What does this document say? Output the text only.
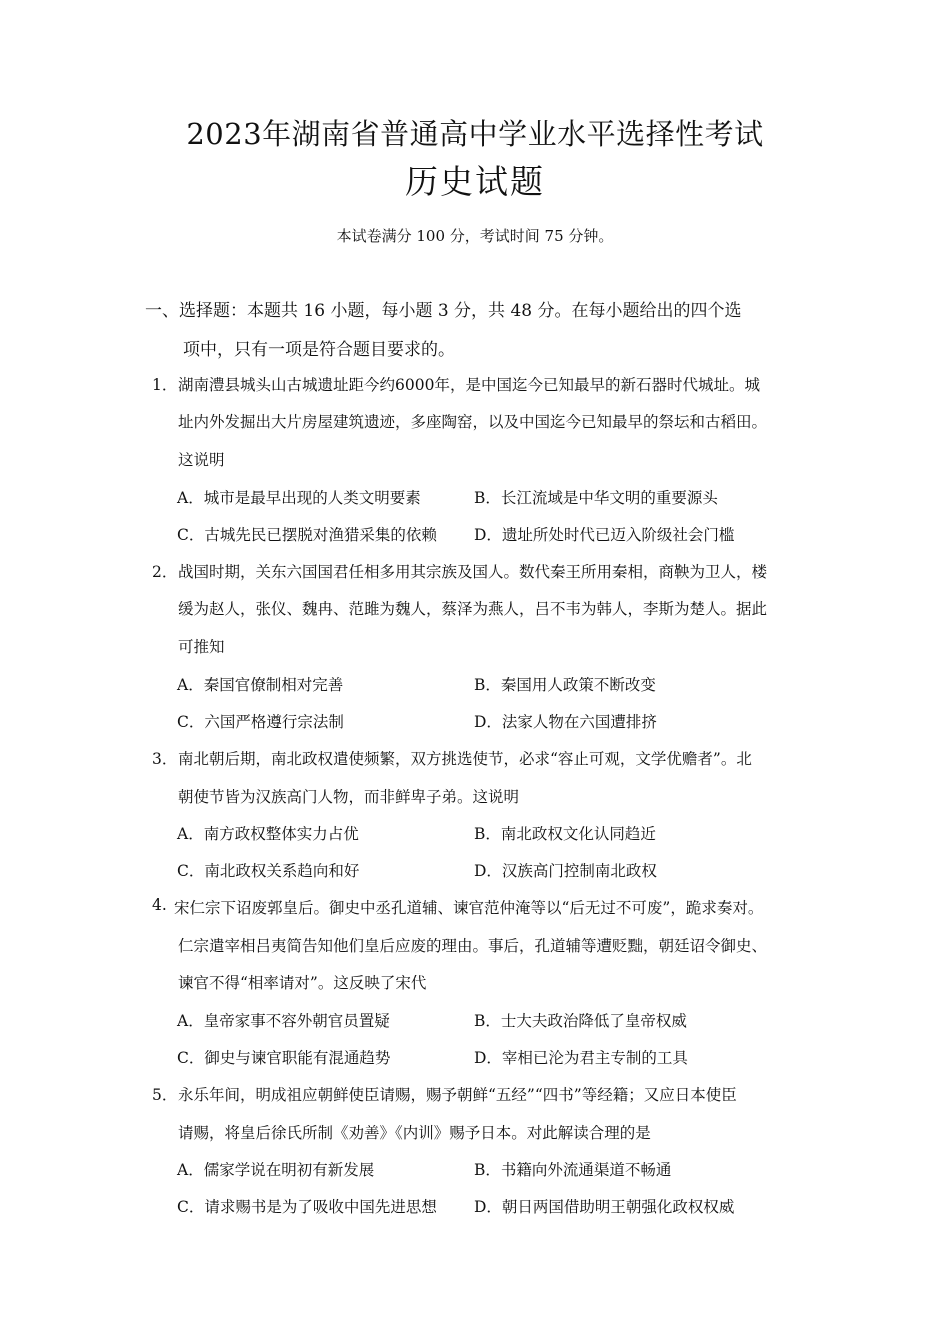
2023年湖南省普通高中学业水平选择性考试
历史试题
本试卷满分 100 分，考试时间 75 分钟。
一、选择题：本题共 16 小题，每小题 3 分，共 48 分。在每小题给出的四个选
项中，只有一项是符合题目要求的。
1． 湖南澧县城头山古城遗址距今约6000年，是中国迄今已知最早的新石器时代城址。城
址内外发掘出大片房屋建筑遗迹，多座陶窑，以及中国迄今已知最早的祭坛和古稻田。
这说明
A．城市是最早出现的人类文明要素	B．长江流域是中华文明的重要源头
C．古城先民已摆脱对渔猎采集的依赖 D．遗址所处时代已迈入阶级社会门槛
2． 战国时期，关东六国国君任相多用其宗族及国人。数代秦王所用秦相，商鞅为卫人，楼
缓为赵人，张仪、魏冉、范雎为魏人，蔡泽为燕人，吕不韦为韩人，李斯为楚人。据此
可推知
A．秦国官僚制相对完善	B．秦国用人政策不断改变
C．六国严格遵行宗法制	D．法家人物在六国遭排挤
3． 南北朝后期，南北政权遣使频繁，双方挑选使节，必求“容止可观，文学优赡者”。北
朝使节皆为汉族高门人物，而非鲜卑子弟。这说明
A．南方政权整体实力占优	B．南北政权文化认同趋近
C．南北政权关系趋向和好	D．汉族高门控制南北政权
4. 宋仁宗下诏废郭皇后。御史中丞孔道辅、谏官范仲淹等以“后无过不可废”，跪求奏对。
仁宗遣宰相吕夷简告知他们皇后应废的理由。事后，孔道辅等遭贬黜，朝廷诏令御史、
谏官不得“相率请对”。这反映了宋代
A．皇帝家事不容外朝官员置疑	B．士大夫政治降低了皇帝权威
C．御史与谏官职能有混通趋势	D．宰相已沦为君主专制的工具
5． 永乐年间，明成祖应朝鲜使臣请赐，赐予朝鲜“五经”“四书”等经籍；又应日本使臣
请赐，将皇后徐氏所制《劝善》《内训》赐予日本。对此解读合理的是
A．儒家学说在明初有新发展	B．书籍向外流通渠道不畅通
C．请求赐书是为了吸收中国先进思想 D．朝日两国借助明王朝强化政权权威
